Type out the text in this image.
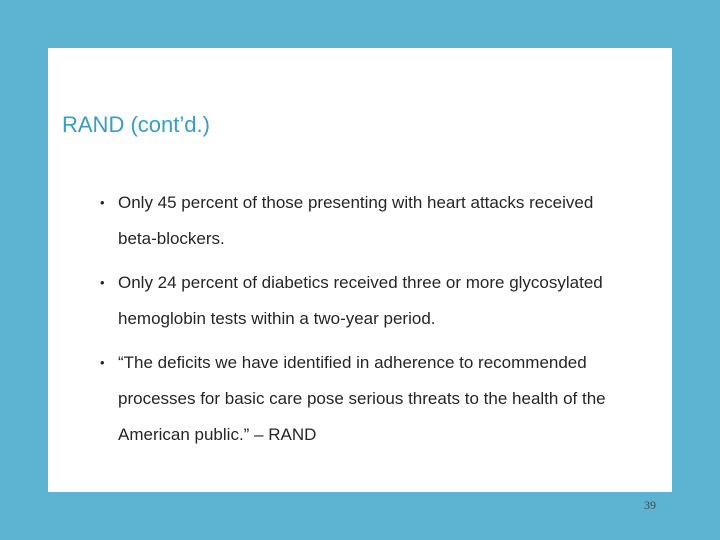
RAND (cont’d.)
• Only 45 percent of those presenting with heart attacks received beta-blockers.
• Only 24 percent of diabetics received three or more glycosylated hemoglobin tests within a two-year period.
• “The deficits we have identified in adherence to recommended processes for basic care pose serious threats to the health of the American public.” – RAND
39
